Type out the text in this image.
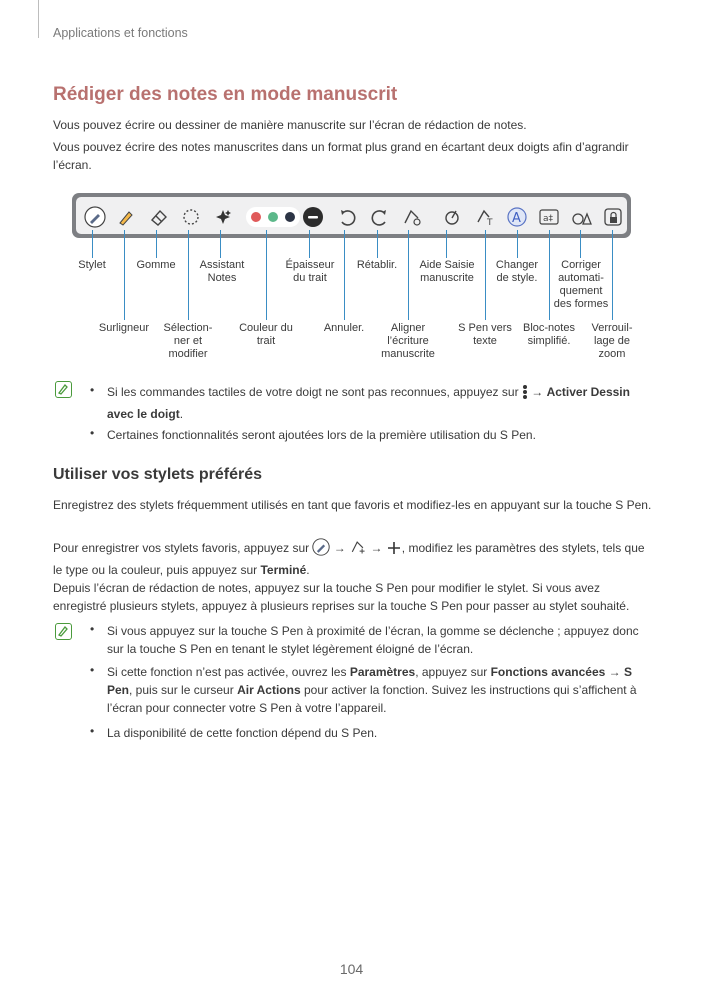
Applications et fonctions
Rédiger des notes en mode manuscrit

Vous pouvez écrire ou dessiner de manière manuscrite sur l’écran de rédaction de notes.

Vous pouvez écrire des notes manuscrites dans un format plus grand en écartant deux doigts afin d’agrandir l’écran.

T A a‡
Stylet	Gomme	Assistant
Notes
Épaisseur
du trait
Rétablir.	Aide Saisie
manuscrite
Changer
de style.
Corriger
automati-
quement
des formes
Surligneur	Sélection-
ner et
modifier
Couleur du
trait
Annuler.	Aligner
l’écriture
manuscrite
S Pen vers
texte
Bloc-notes
simplifié.
Verrouil-
lage de
zoom
• Si les commandes tactiles de votre doigt ne sont pas reconnues, appuyez sur  → Activer Dessin avec le doigt.

• Certaines fonctionnalités seront ajoutées lors de la première utilisation du S Pen.

Utiliser vos stylets préférés

Enregistrez des stylets fréquemment utilisés en tant que favoris et modifiez-les en appuyant sur la touche S Pen.

Pour enregistrer vos stylets favoris, appuyez sur  →  → , modifiez les paramètres des stylets, tels que le type ou la couleur, puis appuyez sur Terminé.

Depuis l’écran de rédaction de notes, appuyez sur la touche S Pen pour modifier le stylet. Si vous avez enregistré plusieurs stylets, appuyez à plusieurs reprises sur la touche S Pen pour passer au stylet souhaité.

• Si vous appuyez sur la touche S Pen à proximité de l’écran, la gomme se déclenche ; appuyez donc sur la touche S Pen en tenant le stylet légèrement éloigné de l’écran.

• Si cette fonction n’est pas activée, ouvrez les Paramètres, appuyez sur Fonctions avancées → S Pen, puis sur le curseur Air Actions pour activer la fonction. Suivez les instructions qui s’affichent à l’écran pour connecter votre S Pen à votre l’appareil.

• La disponibilité de cette fonction dépend du S Pen.

104
